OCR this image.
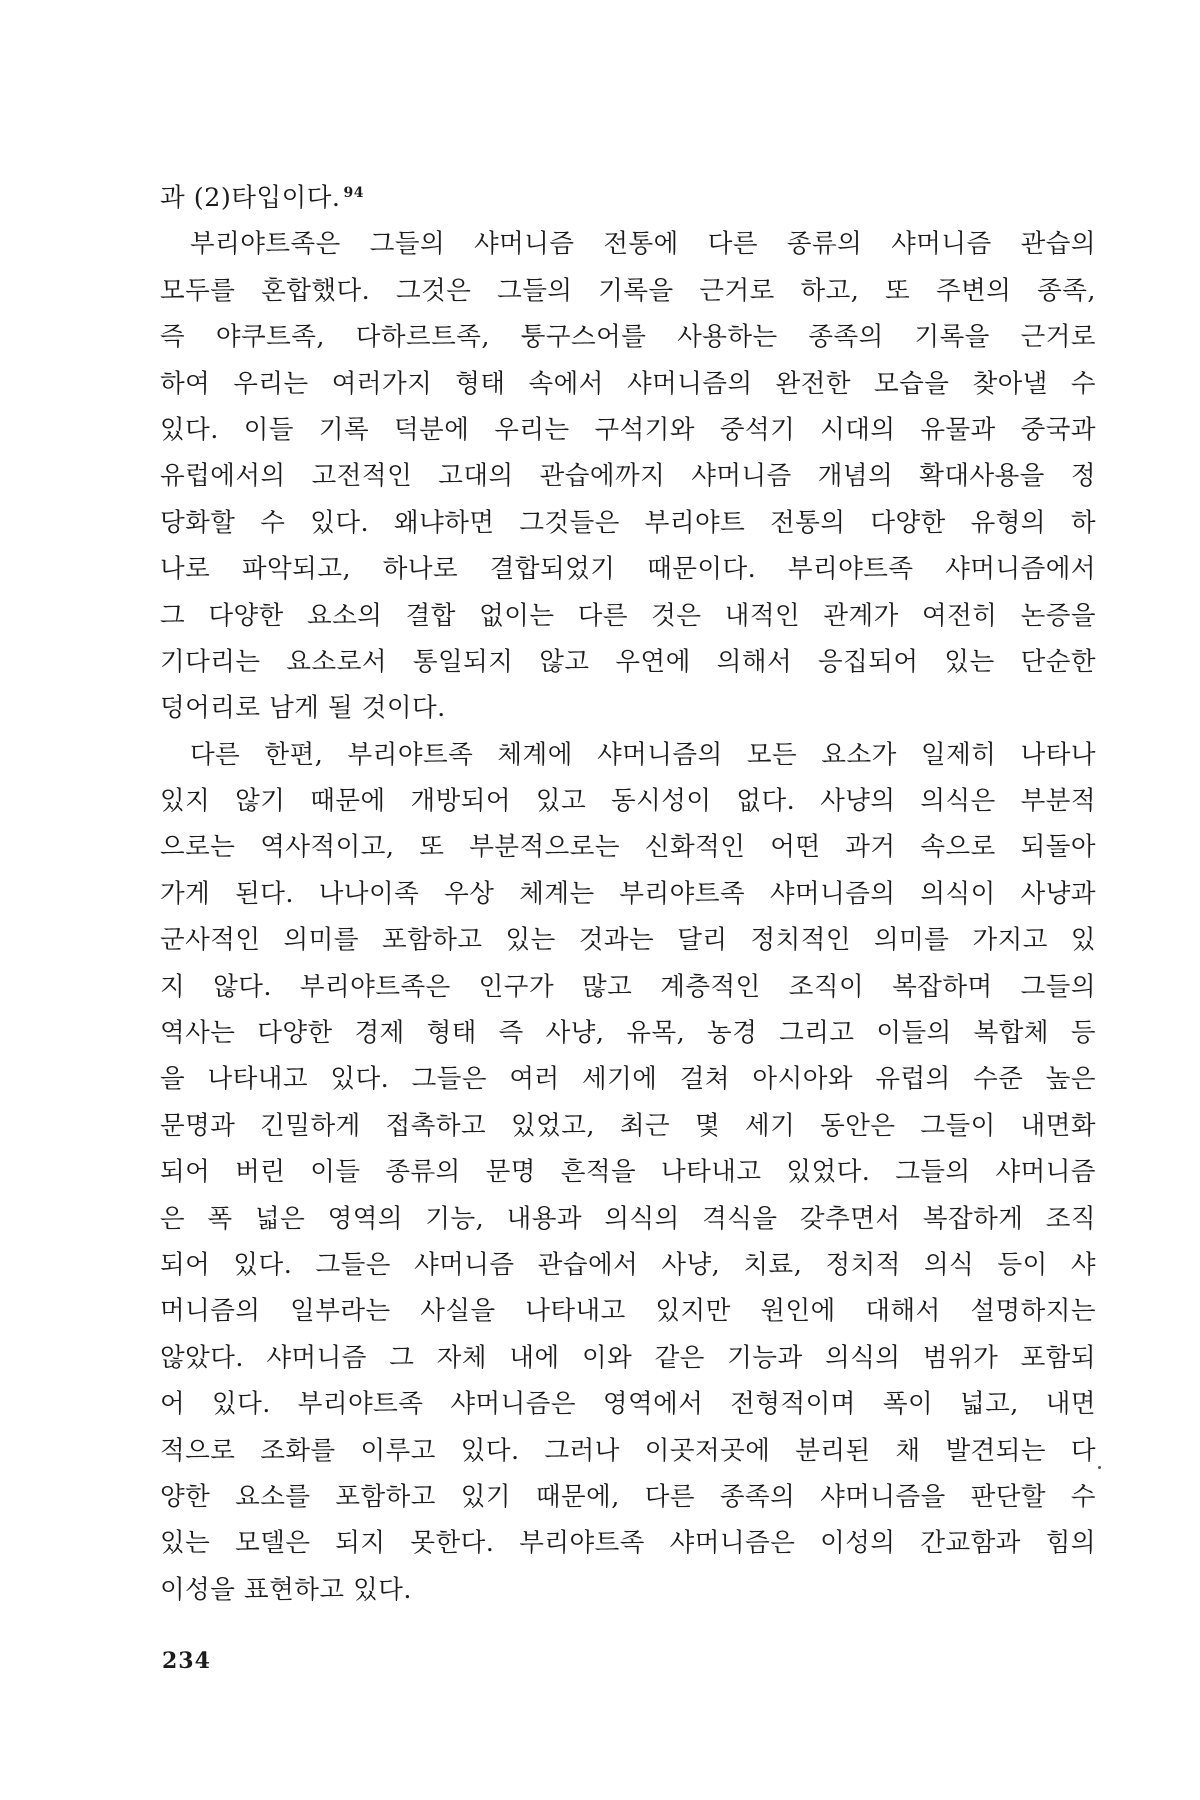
과 (2)타입이다. $^{94}$
부리야트족은 그들의 샤머니즘 전통에 다른 종류의 샤머니즘 관습의
모두를 혼합했다. 그것은 그들의 기록을 근거로 하고, 또 주변의 종족,
즉 야쿠트족, 다하르트족, 퉁구스어를 사용하는 종족의 기록을 근거로
하여 우리는 여러가지 형태 속에서 샤머니즘의 완전한 모습을 찾아낼 수
있다. 이들 기록 덕분에 우리는 구석기와 중석기 시대의 유물과 중국과
유럽에서의 고전적인 고대의 관습에까지 샤머니즘 개념의 확대사용을 정
당화할 수 있다. 왜냐하면 그것들은 부리야트 전통의 다양한 유형의 하
나로 파악되고, 하나로 결합되었기 때문이다. 부리야트족 샤머니즘에서
그 다양한 요소의 결합 없이는 다른 것은 내적인 관계가 여전히 논증을
기다리는 요소로서 통일되지 않고 우연에 의해서 응집되어 있는 단순한
덩어리로 남게 될 것이다.
다른 한편, 부리야트족 체계에 샤머니즘의 모든 요소가 일제히 나타나
있지 않기 때문에 개방되어 있고 동시성이 없다. 사냥의 의식은 부분적
으로는 역사적이고, 또 부분적으로는 신화적인 어떤 과거 속으로 되돌아
가게 된다. 나나이족 우상 체계는 부리야트족 샤머니즘의 의식이 사냥과
군사적인 의미를 포함하고 있는 것과는 달리 정치적인 의미를 가지고 있
지 않다. 부리야트족은 인구가 많고 계층적인 조직이 복잡하며 그들의
역사는 다양한 경제 형태 즉 사냥, 유목, 농경 그리고 이들의 복합체 등
을 나타내고 있다. 그들은 여러 세기에 걸쳐 아시아와 유럽의 수준 높은
문명과 긴밀하게 접촉하고 있었고, 최근 몇 세기 동안은 그들이 내면화
되어 버린 이들 종류의 문명 흔적을 나타내고 있었다. 그들의 샤머니즘
은 폭 넓은 영역의 기능, 내용과 의식의 격식을 갖추면서 복잡하게 조직
되어 있다. 그들은 샤머니즘 관습에서 사냥, 치료, 정치적 의식 등이 샤
머니즘의 일부라는 사실을 나타내고 있지만 원인에 대해서 설명하지는
않았다. 샤머니즘 그 자체 내에 이와 같은 기능과 의식의 범위가 포함되
어 있다. 부리야트족 샤머니즘은 영역에서 전형적이며 폭이 넓고, 내면
적으로 조화를 이루고 있다. 그러나 이곳저곳에 분리된 채 발견되는 다
양한 요소를 포함하고 있기 때문에, 다른 종족의 샤머니즘을 판단할 수
있는 모델은 되지 못한다. 부리야트족 샤머니즘은 이성의 간교함과 힘의
이성을 표현하고 있다.
234
